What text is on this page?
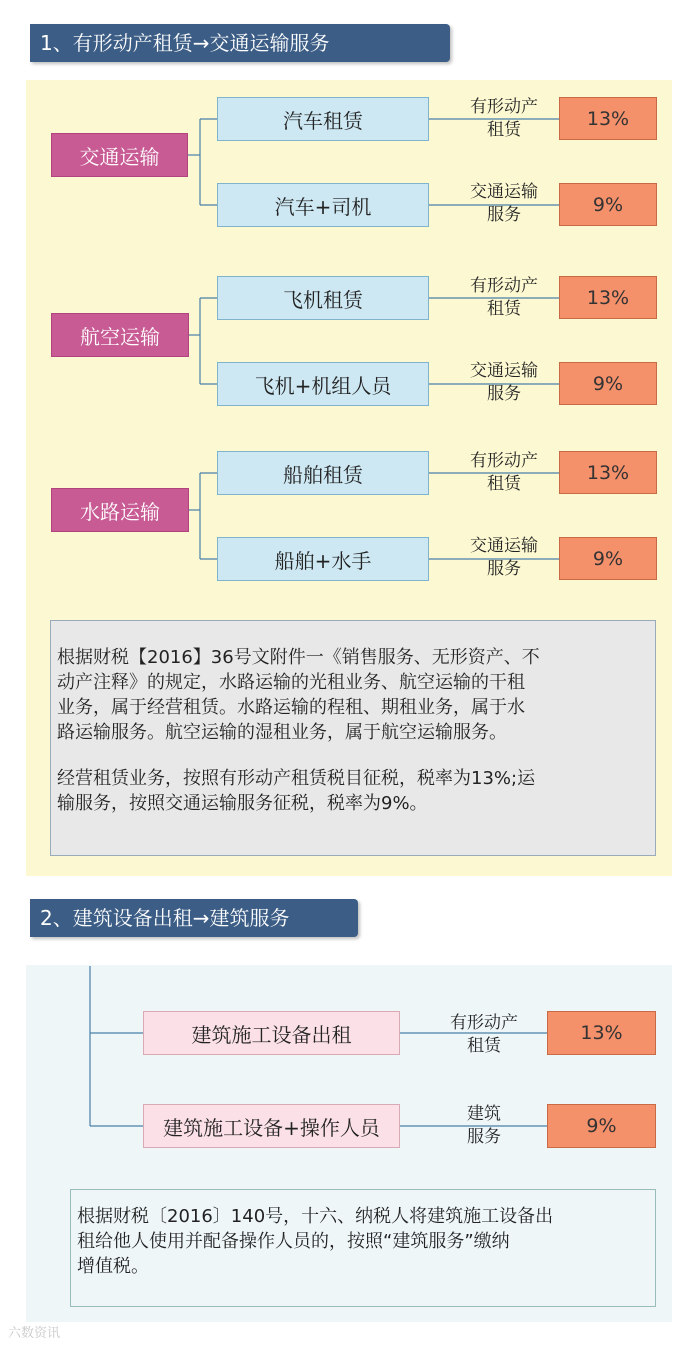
1、有形动产租赁→交通运输服务
交通运输
汽车租赁
有形动产
租赁
13%
汽车+司机
交通运输
服务	9%
航空运输
飞机租赁
有形动产
租赁
13%
飞机+机组人员
交通运输
服务	9%
水路运输
船舶租赁
有形动产
租赁
13%
船舶+水手
交通运输
服务	9%

根据财税【2016】36号文附件一《销售服务、无形资产、不
动产注释》的规定，水路运输的光租业务、航空运输的干租
业务，属于经营租赁。水路运输的程租、期租业务，属于水
路运输服务。航空运输的湿租业务，属于航空运输服务。

经营租赁业务，按照有形动产租赁税目征税，税率为13%;运
输服务，按照交通运输服务征税，税率为9%。

2、建筑设备出租→建筑服务
建筑施工设备出租	有形动产
租赁
13%
建筑施工设备+操作人员
建筑
服务	9%

根据财税〔2016〕140号，十六、纳税人将建筑施工设备出
租给他人使用并配备操作人员的，按照“建筑服务”缴纳
增值税。

六数资讯
